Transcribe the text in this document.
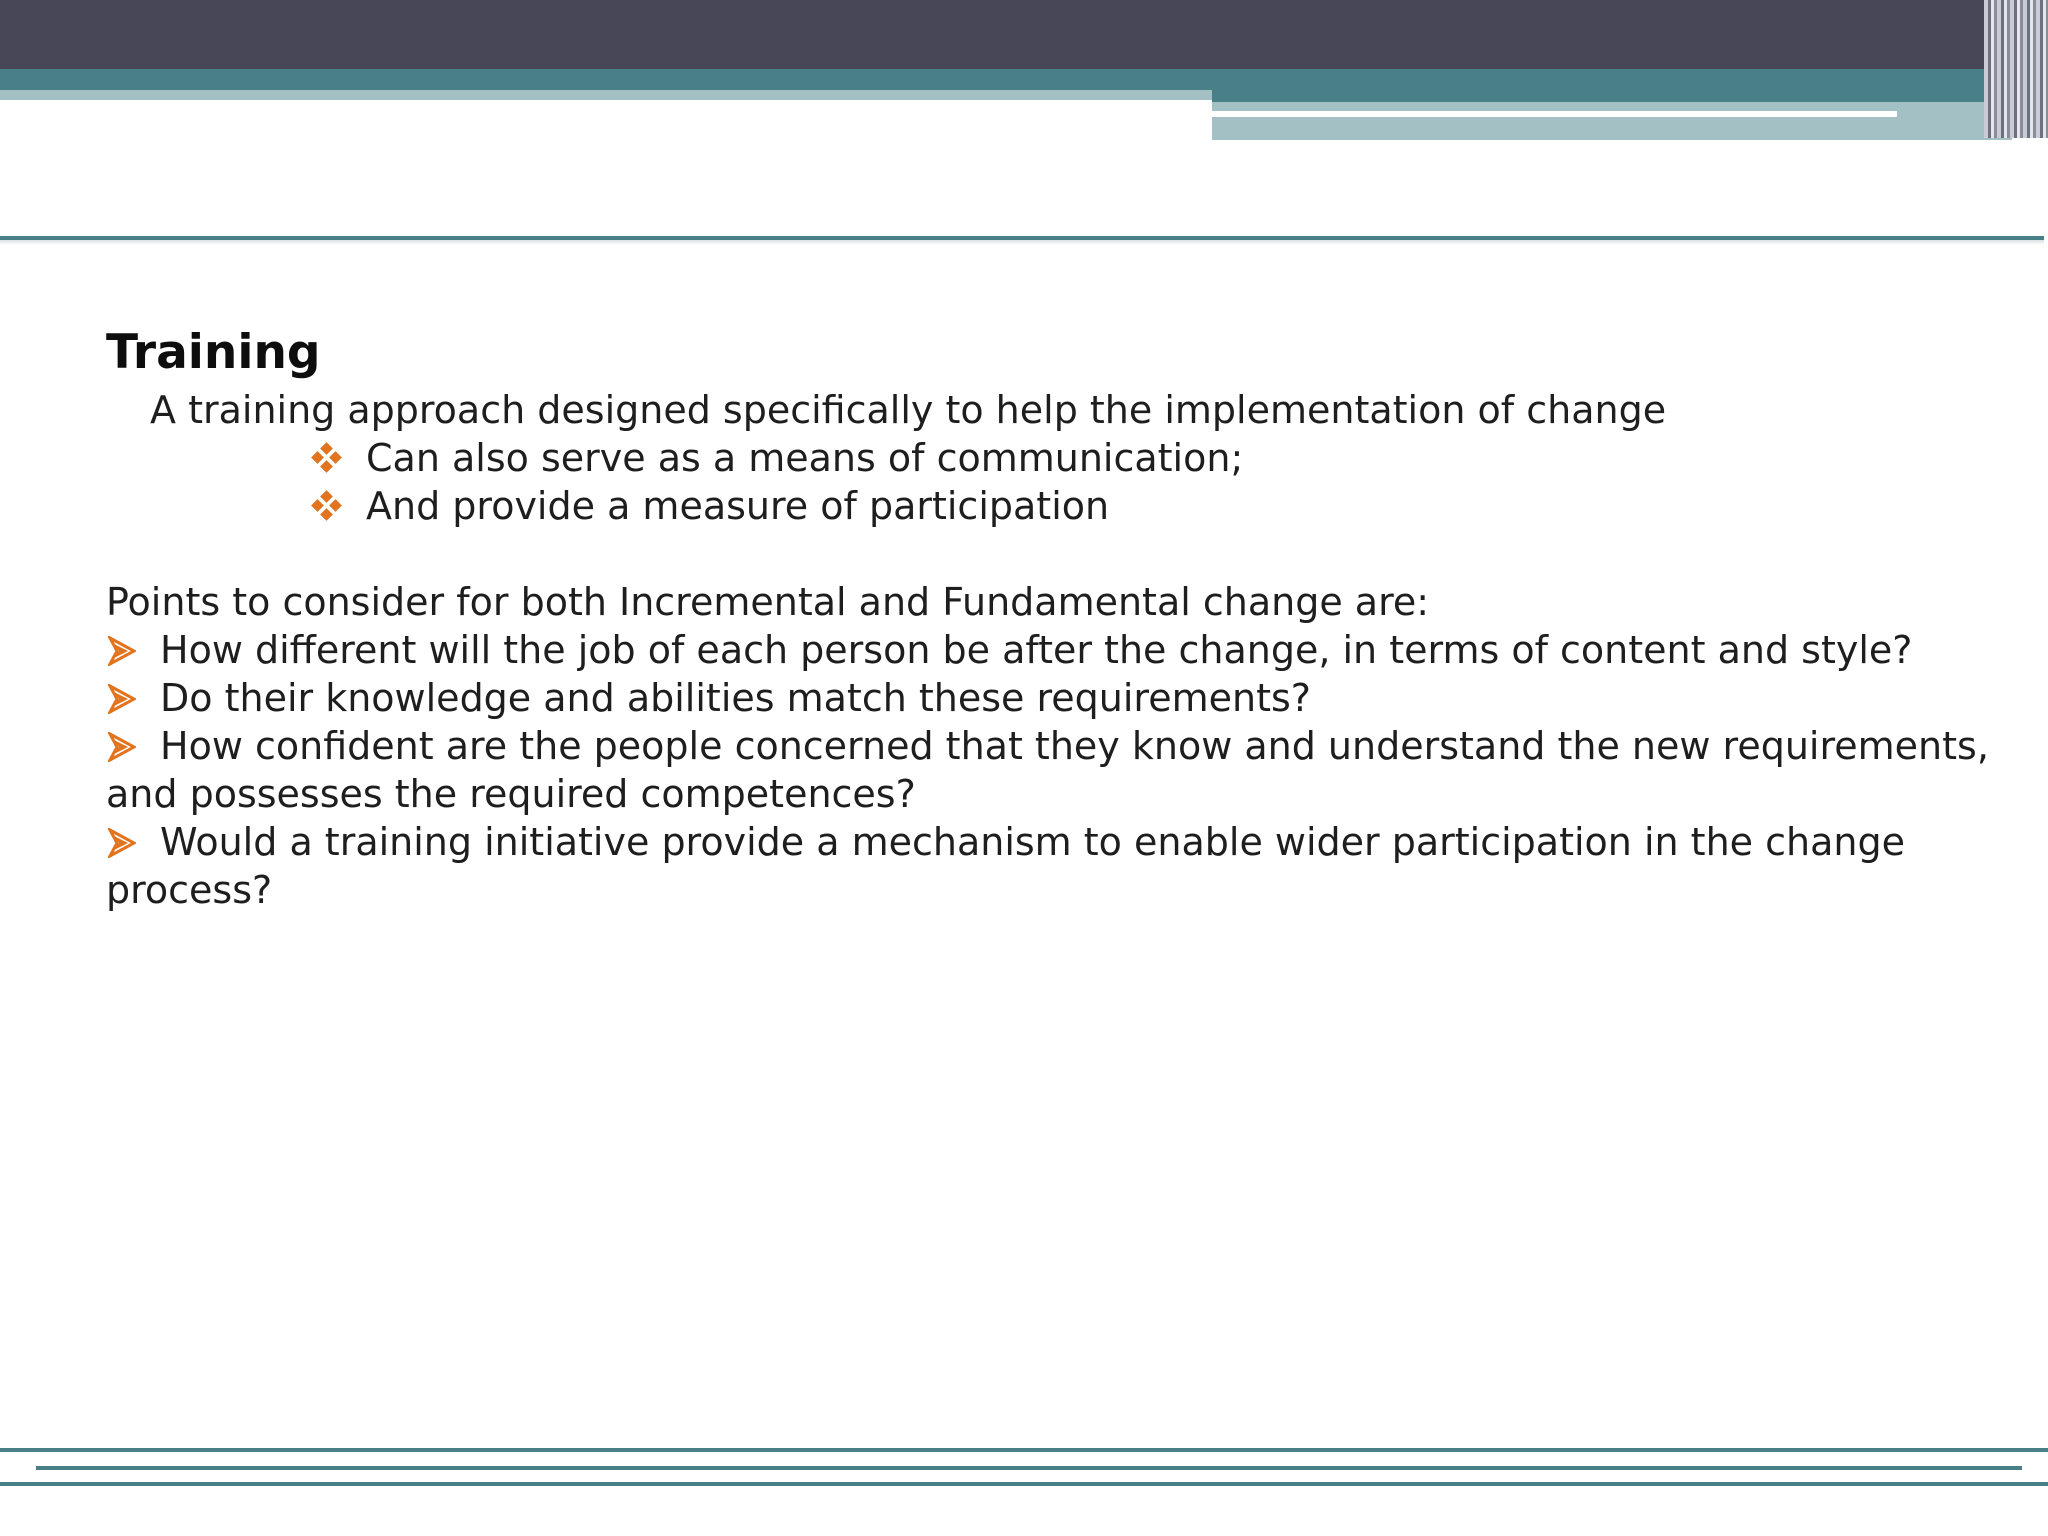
Training
A training approach designed specifically to help the implementation of change
Can also serve as a means of communication;
And provide a measure of participation
Points to consider for both Incremental and Fundamental change are:
How different will the job of each person be after the change, in terms of content and style?
Do their knowledge and abilities match these requirements?
How confident are the people concerned that they know and understand the new requirements, and possesses the required competences?
Would a training initiative provide a mechanism to enable wider participation in the change process?
